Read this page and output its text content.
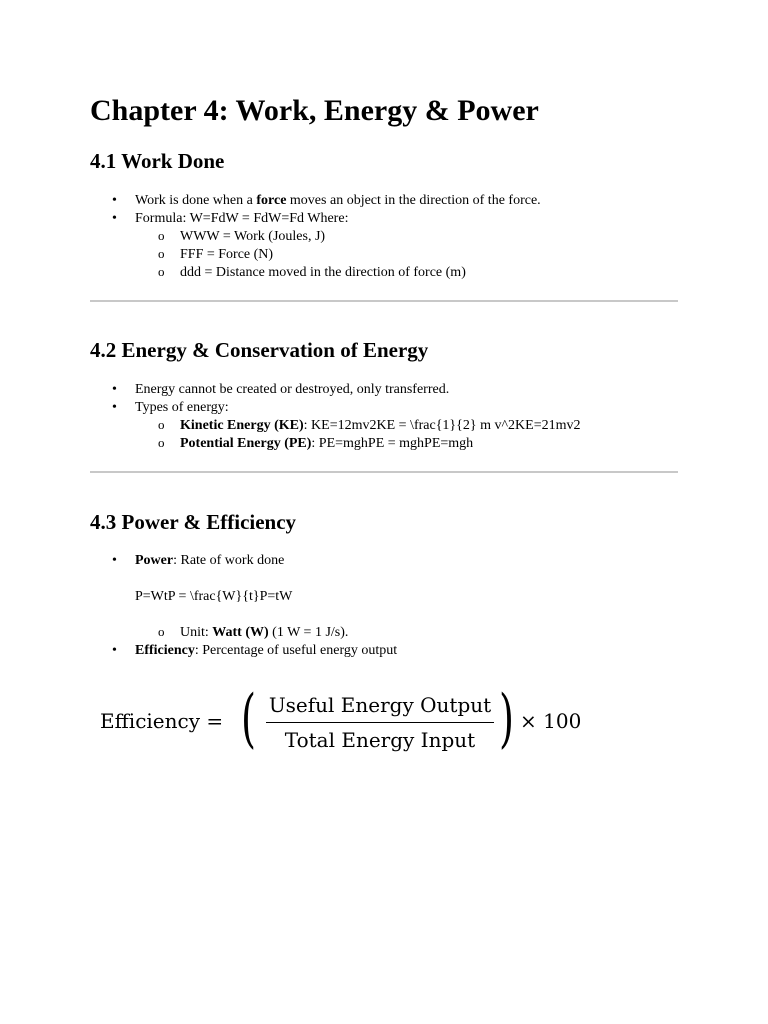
Chapter 4: Work, Energy & Power
4.1 Work Done
• Work is done when a force moves an object in the direction of the force.
• Formula: W=FdW = FdW=Fd Where:
o WWW = Work (Joules, J)
o FFF = Force (N)
o ddd = Distance moved in the direction of force (m)
4.2 Energy & Conservation of Energy
• Energy cannot be created or destroyed, only transferred.
• Types of energy:
o Kinetic Energy (KE): KE=12mv2KE = \frac{1}{2} m v^2KE=21mv2
o Potential Energy (PE): PE=mghPE = mghPE=mgh
4.3 Power & Efficiency
• Power: Rate of work done
P=WtP = \frac{W}{t}P=tW
o Unit: Watt (W) (1 W = 1 J/s).
• Efficiency: Percentage of useful energy output
Efficiency = ( Useful Energy Output
Total Energy Input ) × 100
